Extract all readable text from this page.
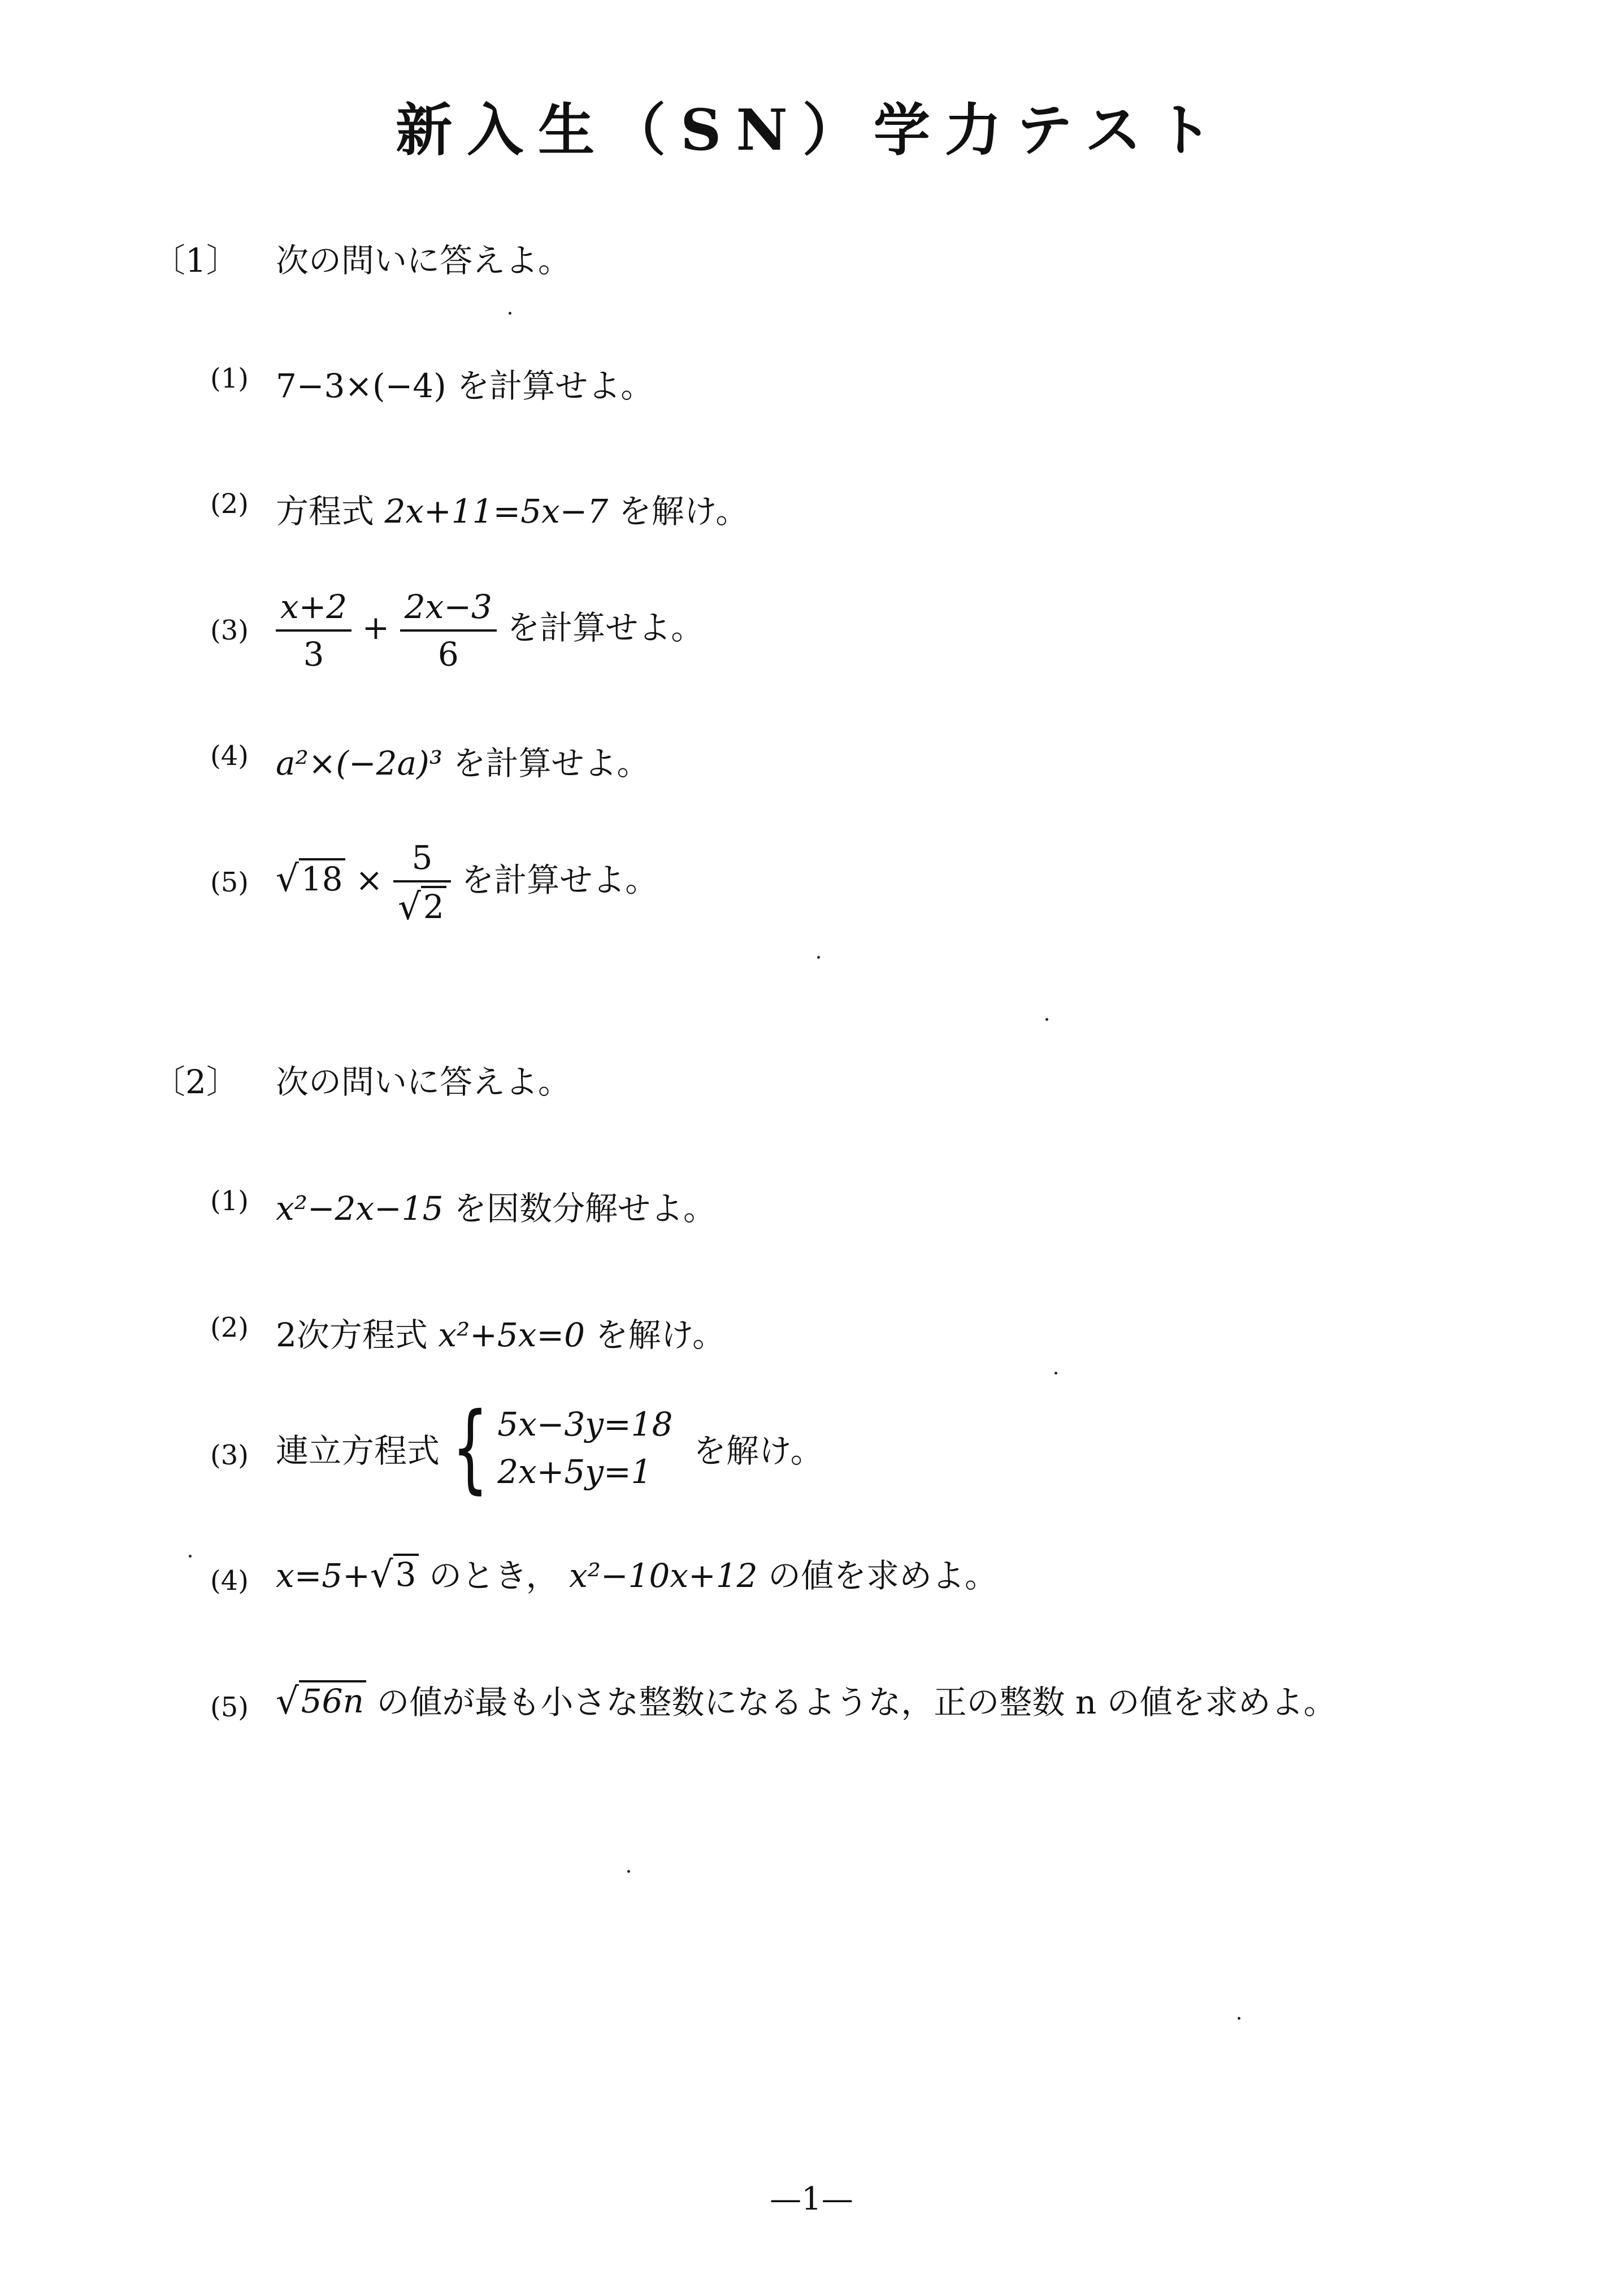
新入生（SN）学力テスト
〔1〕 次の問いに答えよ。
(1) 7−3×(−4) を計算せよ。
(2) 方程式 2x+11=5x−7 を解け。
$(3) \frac{x+2}{3} + \frac{2x-3}{6}$ を計算せよ。
(4) a²×(−2a)³ を計算せよ。
(5) √ $18 \times \frac{5}{√ 2}$ を計算せよ。
〔2〕 次の問いに答えよ。
(1) x²−2x−15 を因数分解せよ。
(2) 2次方程式 x²+5x=0 を解け。
(3) 連立方程式 { 5x−3y=18
2x+5y=1
を解け。
(4) x=5+ √ 3 のとき， x²−10x+12 の値を求めよ。
(5) √ 56n の値が最も小さな整数になるような，正の整数 n の値を求めよ。
—1—
